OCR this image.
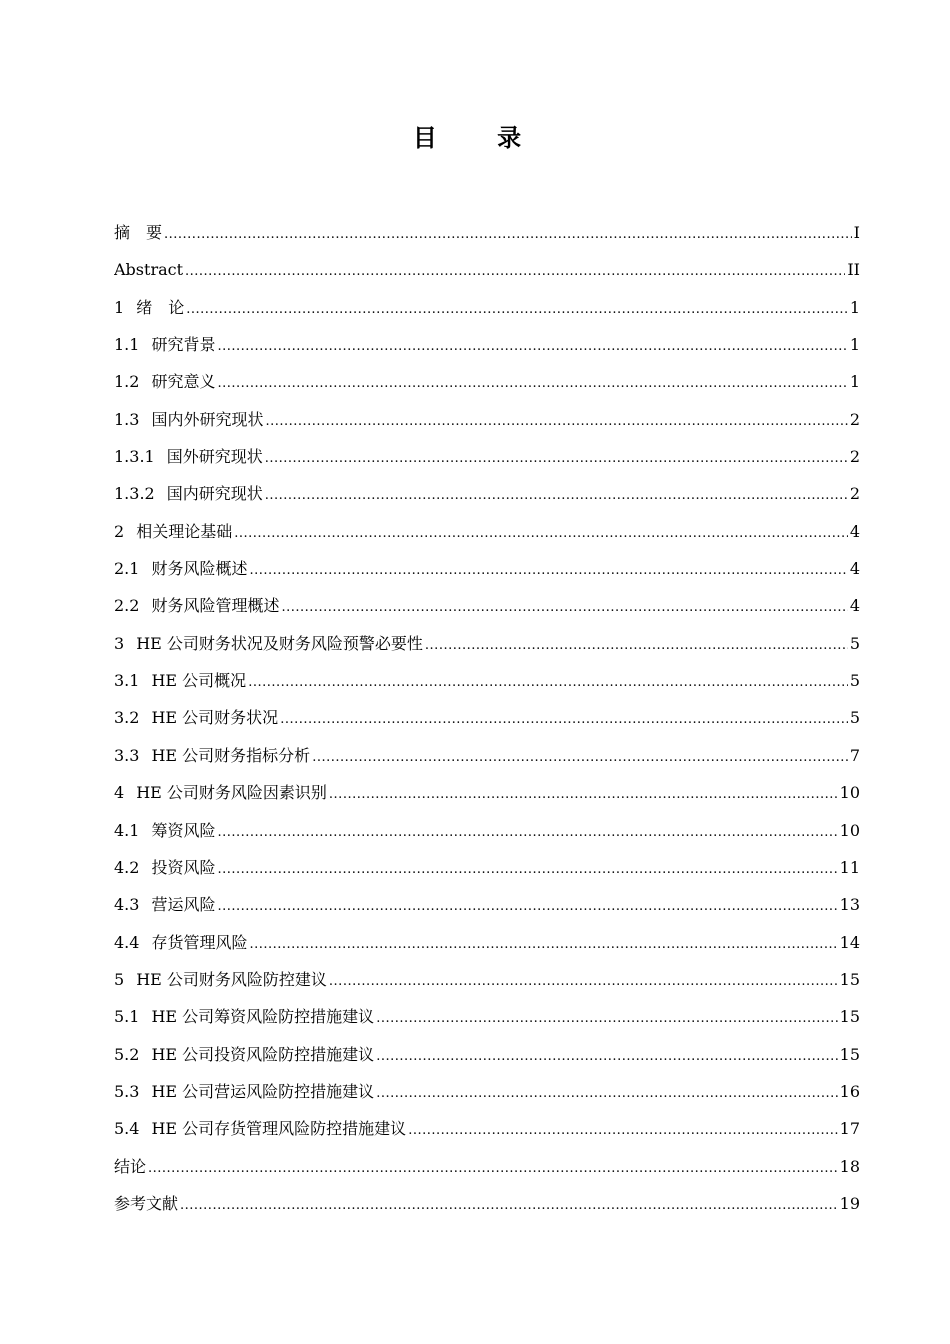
目 录
摘　要 .....	I
Abstract .....	II
1 绪　论 .....	1
1.1 研究背景 .....	1
1.2 研究意义 .....	1
1.3 国内外研究现状 .....	2
1.3.1 国外研究现状 .....	2
1.3.2 国内研究现状 .....	2
2 相关理论基础 .....	4
2.1 财务风险概述 .....	4
2.2 财务风险管理概述 .....	4
3 HE 公司财务状况及财务风险预警必要性 .....	5
3.1 HE 公司概况 .....	5
3.2 HE 公司财务状况 .....	5
3.3 HE 公司财务指标分析 .....	7
4 HE 公司财务风险因素识别 .....	10
4.1 筹资风险 .....	10
4.2 投资风险 .....	11
4.3 营运风险 .....	13
4.4 存货管理风险 .....	14
5 HE 公司财务风险防控建议 .....	15
5.1 HE 公司筹资风险防控措施建议 .....	15
5.2 HE 公司投资风险防控措施建议 .....	15
5.3 HE 公司营运风险防控措施建议 .....	16
5.4 HE 公司存货管理风险防控措施建议 .....	17
结论 .....	18
参考文献 .....	19
